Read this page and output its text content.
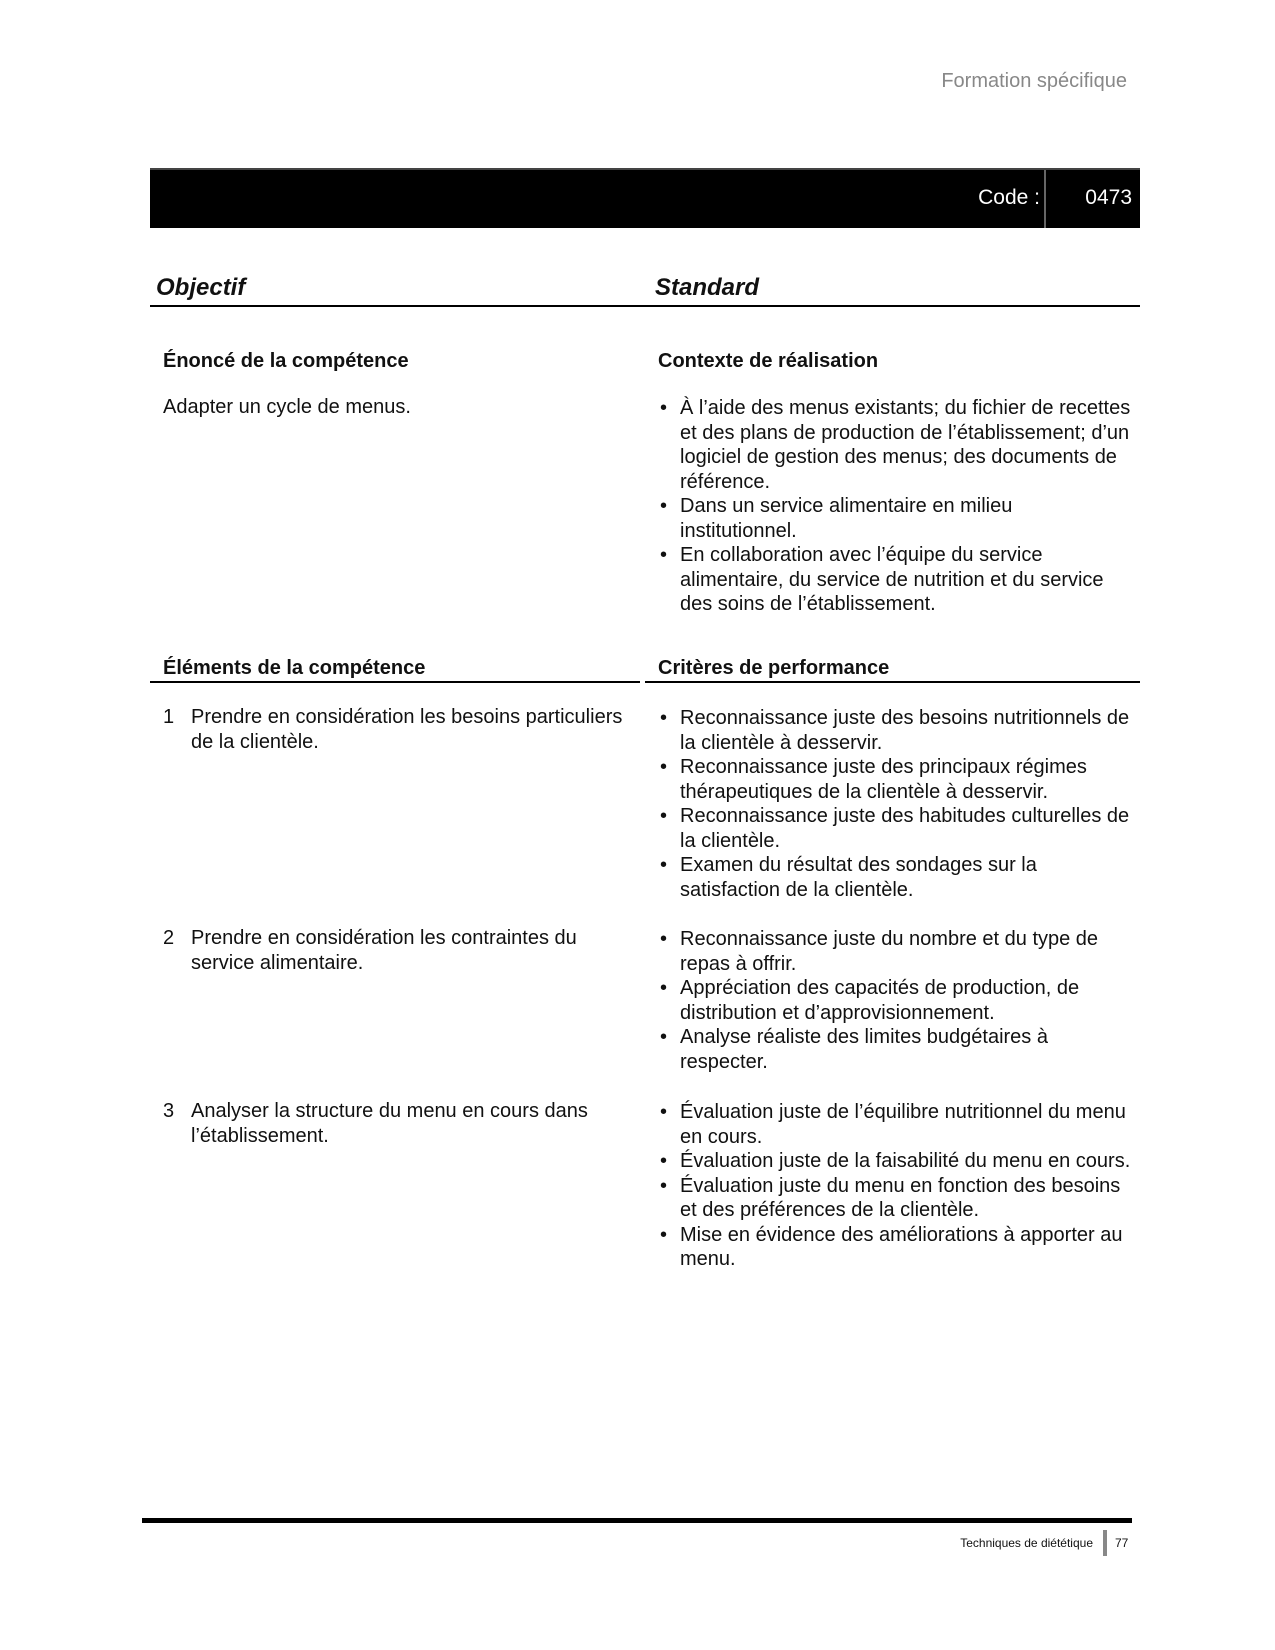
Formation spécifique
Code : 0473
Objectif	Standard
Énoncé de la compétence
Adapter un cycle de menus.
Contexte de réalisation
• À l’aide des menus existants; du fichier de recettes et des plans de production de l’établissement; d’un logiciel de gestion des menus; des documents de référence.
• Dans un service alimentaire en milieu institutionnel.
• En collaboration avec l’équipe du service alimentaire, du service de nutrition et du service des soins de l’établissement.
Éléments de la compétence	Critères de performance
1 Prendre en considération les besoins particuliers de la clientèle.
• Reconnaissance juste des besoins nutritionnels de la clientèle à desservir.
• Reconnaissance juste des principaux régimes thérapeutiques de la clientèle à desservir.
• Reconnaissance juste des habitudes culturelles de la clientèle.
• Examen du résultat des sondages sur la satisfaction de la clientèle.
2 Prendre en considération les contraintes du service alimentaire.
• Reconnaissance juste du nombre et du type de repas à offrir.
• Appréciation des capacités de production, de distribution et d’approvisionnement.
• Analyse réaliste des limites budgétaires à respecter.
3 Analyser la structure du menu en cours dans l’établissement.
• Évaluation juste de l’équilibre nutritionnel du menu en cours.
• Évaluation juste de la faisabilité du menu en cours.
• Évaluation juste du menu en fonction des besoins et des préférences de la clientèle.
• Mise en évidence des améliorations à apporter au menu.
Techniques de diététique 77
